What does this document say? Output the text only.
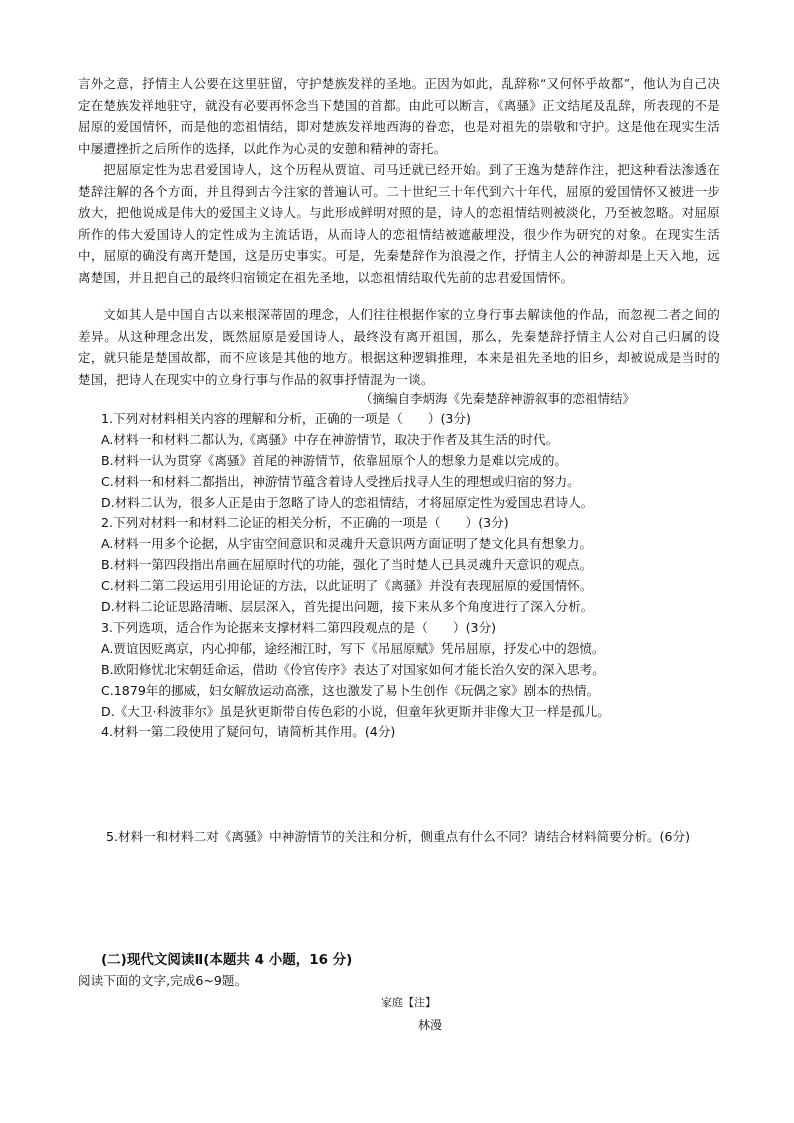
言外之意，抒情主人公要在这里驻留，守护楚族发祥的圣地。正因为如此，乱辞称“又何怀乎故都”，他认为自己决定在楚族发祥地驻守，就没有必要再怀念当下楚国的首都。由此可以断言，《离骚》正文结尾及乱辞，所表现的不是屈原的爱国情怀，而是他的恋祖情结，即对楚族发祥地西海的眷恋，也是对祖先的崇敬和守护。这是他在现实生活中屡遭挫折之后所作的选择，以此作为心灵的安憩和精神的寄托。

把屈原定性为忠君爱国诗人，这个历程从贾谊、司马迁就已经开始。到了王逸为楚辞作注，把这种看法渗透在楚辞注解的各个方面，并且得到古今注家的普遍认可。二十世纪三十年代到六十年代，屈原的爱国情怀又被进一步放大，把他说成是伟大的爱国主义诗人。与此形成鲜明对照的是，诗人的恋祖情结则被淡化，乃至被忽略。对屈原所作的伟大爱国诗人的定性成为主流话语，从而诗人的恋祖情结被遮蔽埋没，很少作为研究的对象。在现实生活中，屈原的确没有离开楚国，这是历史事实。可是，先秦楚辞作为浪漫之作，抒情主人公的神游却是上天入地，远离楚国，并且把自己的最终归宿锁定在祖先圣地，以恋祖情结取代先前的忠君爱国情怀。

文如其人是中国自古以来根深蒂固的理念，人们往往根据作家的立身行事去解读他的作品，而忽视二者之间的差异。从这种理念出发，既然屈原是爱国诗人，最终没有离开祖国，那么，先秦楚辞抒情主人公对自己归属的设定，就只能是楚国故都，而不应该是其他的地方。根据这种逻辑推理，本来是祖先圣地的旧乡，却被说成是当时的楚国，把诗人在现实中的立身行事与作品的叙事抒情混为一谈。

（摘编自李炳海《先秦楚辞神游叙事的恋祖情结》
1.下列对材料相关内容的理解和分析，正确的一项是（　　）(3分)
A.材料一和材料二都认为,《离骚》中存在神游情节，取决于作者及其生活的时代。
B.材料一认为贯穿《离骚》首尾的神游情节，依靠屈原个人的想象力是难以完成的。
C.材料一和材料二都指出，神游情节蕴含着诗人受挫后找寻人生的理想或归宿的努力。
D.材料二认为，很多人正是由于忽略了诗人的恋祖情结，才将屈原定性为爱国忠君诗人。
2.下列对材料一和材料二论证的相关分析，不正确的一项是（　　）(3分)
A.材料一用多个论据，从宇宙空间意识和灵魂升天意识两方面证明了楚文化具有想象力。
B.材料一第四段指出帛画在屈原时代的功能，强化了当时楚人已具灵魂升天意识的观点。
C.材料二第二段运用引用论证的方法，以此证明了《离骚》并没有表现屈原的爱国情怀。
D.材料二论证思路清晰、层层深入，首先提出问题，接下来从多个角度进行了深入分析。
3.下列选项，适合作为论据来支撑材料二第四段观点的是（　　）(3分)
A.贾谊因贬离京，内心抑郁，途经湘江时，写下《吊屈原赋》凭吊屈原，抒发心中的怨愤。
B.欧阳修忧北宋朝廷命运，借助《伶官传序》表达了对国家如何才能长治久安的深入思考。
C.1879年的挪威，妇女解放运动高涨，这也激发了易卜生创作《玩偶之家》剧本的热情。
D.《大卫·科波菲尔》虽是狄更斯带自传色彩的小说，但童年狄更斯并非像大卫一样是孤儿。
4.材料一第二段使用了疑问句，请简析其作用。(4分)
5.材料一和材料二对《离骚》中神游情节的关注和分析，侧重点有什么不同？请结合材料简要分析。(6分)
(二)现代文阅读Ⅱ(本题共 4 小题，16 分)
阅读下面的文字,完成6~9题。
家庭【注】
林漫
